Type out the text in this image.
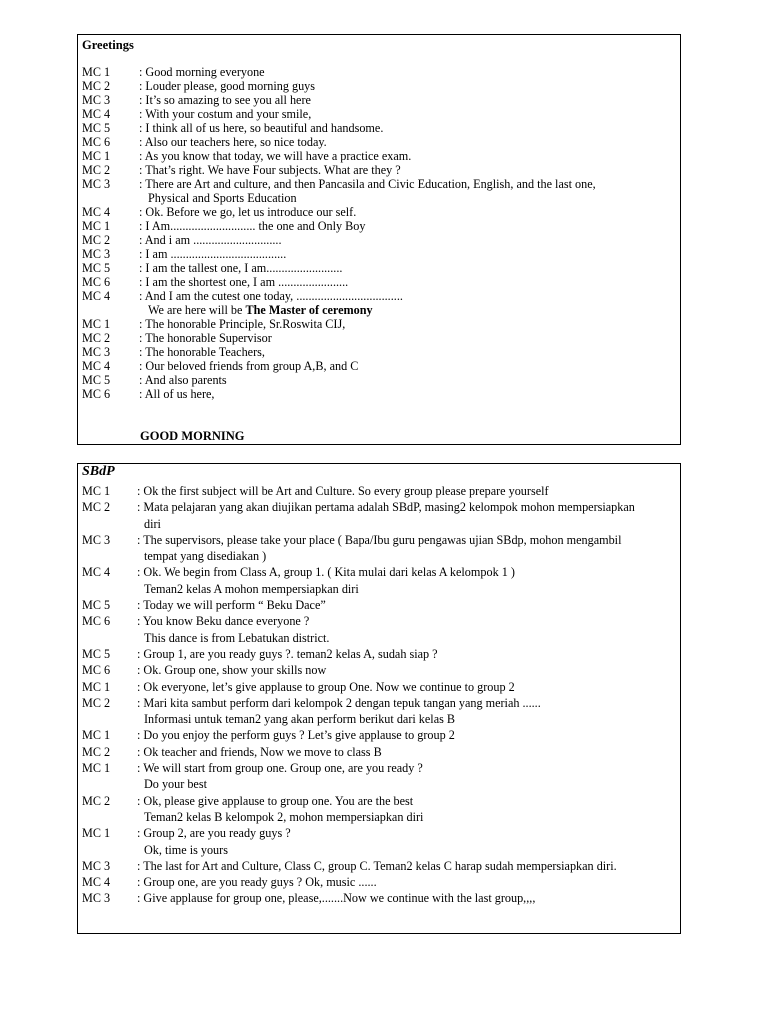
Greetings
MC 1 : Good morning everyone
MC 2 : Louder please, good morning guys
MC 3 : It’s so amazing to see you all here
MC 4 : With your costum and your smile,
MC 5 : I think all of us here, so beautiful and handsome.
MC 6 : Also our teachers here, so nice today.
MC 1 : As you know that today, we will have a practice exam.
MC 2 : That’s right. We have Four subjects. What are they ?
MC 3 : There are Art and culture, and then Pancasila and Civic Education, English, and the last one,
Physical and Sports Education
MC 4 : Ok. Before we go, let us introduce our self.
MC 1 : I Am............................ the one and Only Boy
MC 2 : And i am .............................
MC 3 : I am ......................................
MC 5 : I am the tallest one, I am.........................
MC 6 : I am the shortest one, I am .......................
MC 4 : And I am the cutest one today, ...................................
We are here will be The Master of ceremony
MC 1 : The honorable Principle, Sr.Roswita CIJ,
MC 2 : The honorable Supervisor
MC 3 : The honorable Teachers,
MC 4 : Our beloved friends from group A,B, and C
MC 5 : And also parents
MC 6 : All of us here,
GOOD MORNING
SBdP
MC 1 : Ok the first subject will be Art and Culture. So every group please prepare yourself
MC 2 : Mata pelajaran yang akan diujikan pertama adalah SBdP, masing2 kelompok mohon mempersiapkan
diri
MC 3 : The supervisors, please take your place ( Bapa/Ibu guru pengawas ujian SBdp, mohon mengambil
tempat yang disediakan )
MC 4 : Ok. We begin from Class A, group 1. ( Kita mulai dari kelas A kelompok 1 )
Teman2 kelas A mohon mempersiapkan diri
MC 5 : Today we will perform “ Beku Dace”
MC 6 : You know Beku dance everyone ?
This dance is from Lebatukan district.
MC 5 : Group 1, are you ready guys ?. teman2 kelas A, sudah siap ?
MC 6 : Ok. Group one, show your skills now
MC 1 : Ok everyone, let’s give applause to group One. Now we continue to group 2
MC 2 : Mari kita sambut perform dari kelompok 2 dengan tepuk tangan yang meriah ......
Informasi untuk teman2 yang akan perform berikut dari kelas B
MC 1 : Do you enjoy the perform guys ? Let’s give applause to group 2
MC 2 : Ok teacher and friends, Now we move to class B
MC 1 : We will start from group one. Group one, are you ready ?
Do your best
MC 2 : Ok, please give applause to group one. You are the best
Teman2 kelas B kelompok 2, mohon mempersiapkan diri
MC 1 : Group 2, are you ready guys ?
Ok, time is yours
MC 3 : The last for Art and Culture, Class C, group C. Teman2 kelas C harap sudah mempersiapkan diri.
MC 4 : Group one, are you ready guys ? Ok, music ......
MC 3 : Give applause for group one, please,.......Now we continue with the last group,,,,
